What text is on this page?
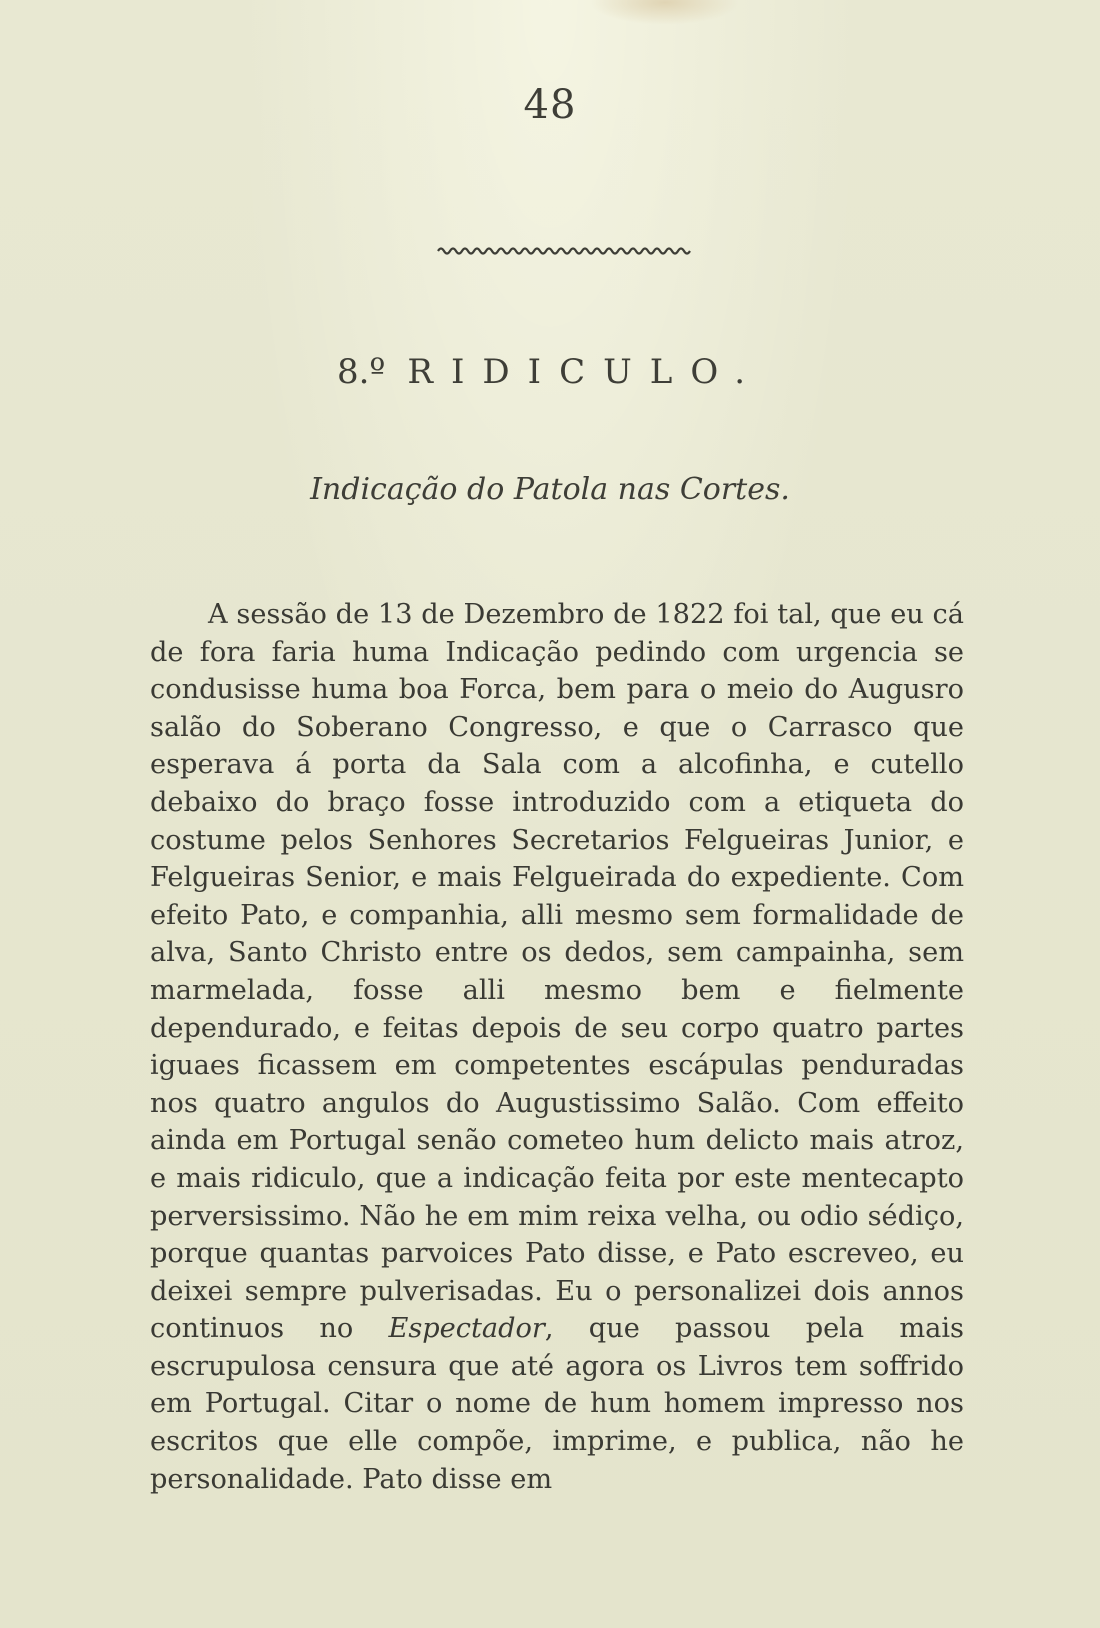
48
8.º RIDICULO.
Indicação do Patola nas Cortes.

A sessão de 13 de Dezembro de 1822 foi tal, que eu cá de fora faria huma Indicação pedindo com urgencia se condusisse huma boa Forca, bem para o meio do Augusro salão do Soberano Congresso, e que o Carrasco que esperava á porta da Sala com a alcofinha, e cutello debaixo do braço fosse introduzido com a etiqueta do costume pelos Senhores Secretarios Felgueiras Junior, e Felgueiras Senior, e mais Felgueirada do expediente. Com efeito Pato, e companhia, alli mesmo sem formalidade de alva, Santo Christo entre os dedos, sem campainha, sem marmelada, fosse alli mesmo bem e fielmente dependurado, e feitas depois de seu corpo quatro partes iguaes ficassem em competentes escápulas penduradas nos quatro angulos do Augustissimo Salão. Com effeito ainda em Portugal senão cometeo hum delicto mais atroz, e mais ridiculo, que a indicação feita por este mentecapto perversissimo. Não he em mim reixa velha, ou odio sédiço, porque quantas parvoices Pato disse, e Pato escreveo, eu deixei sempre pulverisadas. Eu o personalizei dois annos continuos no Espectador, que passou pela mais escrupulosa censura que até agora os Livros tem soffrido em Portugal. Citar o nome de hum homem impresso nos escritos que elle compõe, imprime, e publica, não he personalidade. Pato disse em
